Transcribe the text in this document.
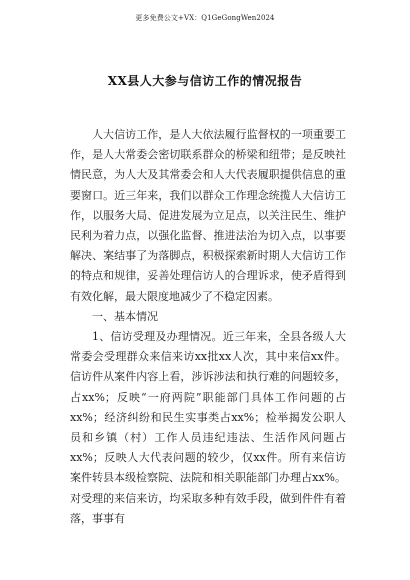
更多免费公文+VX：Q1GeGongWen2024
XX县人大参与信访工作的情况报告

人大信访工作，是人大依法履行监督权的一项重要工作，是人大常委会密切联系群众的桥梁和纽带；是反映社情民意，为人大及其常委会和人大代表履职提供信息的重要窗口。近三年来，我们以群众工作理念统揽人大信访工作，以服务大局、促进发展为立足点，以关注民生、维护民利为着力点，以强化监督、推进法治为切入点，以事要解决、案结事了为落脚点，积极探索新时期人大信访工作的特点和规律，妥善处理信访人的合理诉求，使矛盾得到有效化解，最大限度地减少了不稳定因素。

一、基本情况

1、信访受理及办理情况。近三年来，全县各级人大常委会受理群众来信来访xx批xx人次，其中来信xx件。信访件从案件内容上看，涉诉涉法和执行难的问题较多，占xx%；反映“一府两院”职能部门具体工作问题的占xx%；经济纠纷和民生实事类占xx%；检举揭发公职人员和乡镇（村）工作人员违纪违法、生活作风问题占xx%；反映人大代表问题的较少，仅xx件。所有来信访案件转县本级检察院、法院和相关职能部门办理占xx%。对受理的来信来访，均采取多种有效手段，做到件件有着落，事事有
